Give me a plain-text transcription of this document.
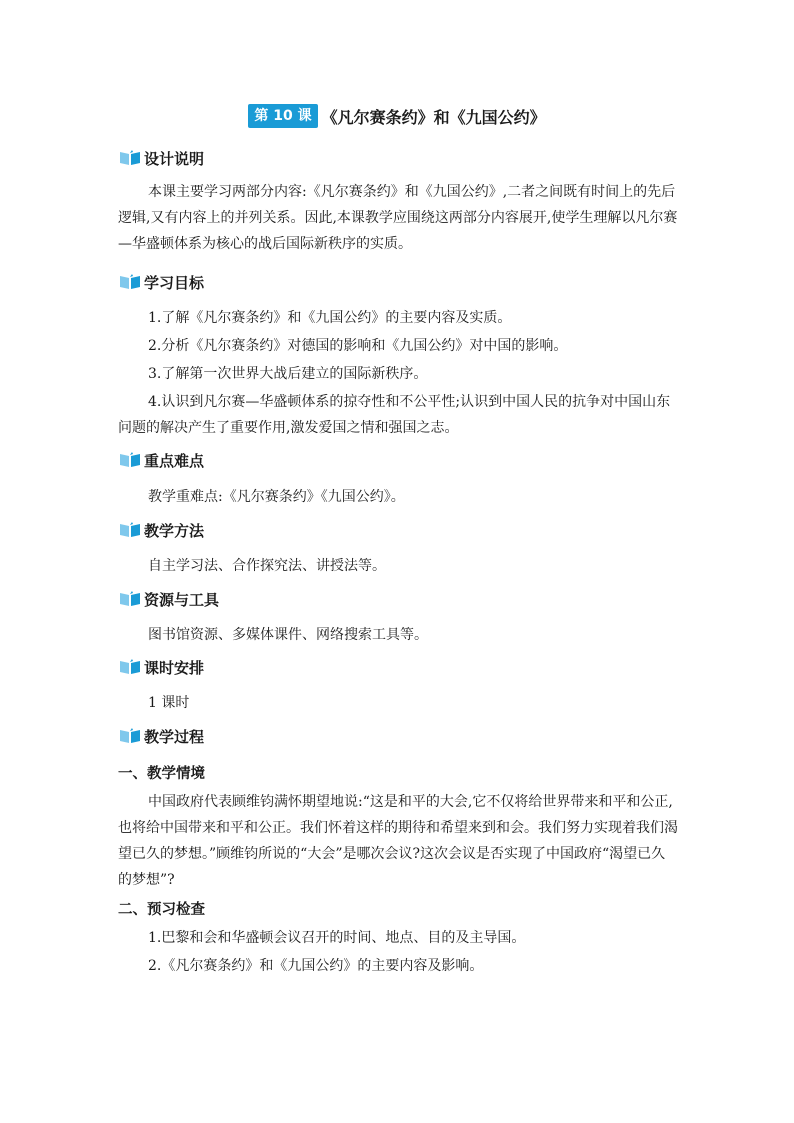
第 10 课 《凡尔赛条约》和《九国公约》
设计说明
本课主要学习两部分内容:《凡尔赛条约》和《九国公约》,二者之间既有时间上的先后逻辑,又有内容上的并列关系。因此,本课教学应围绕这两部分内容展开,使学生理解以凡尔赛—华盛顿体系为核心的战后国际新秩序的实质。
学习目标
1.了解《凡尔赛条约》和《九国公约》的主要内容及实质。
2.分析《凡尔赛条约》对德国的影响和《九国公约》对中国的影响。
3.了解第一次世界大战后建立的国际新秩序。
4.认识到凡尔赛—华盛顿体系的掠夺性和不公平性;认识到中国人民的抗争对中国山东问题的解决产生了重要作用,激发爱国之情和强国之志。
重点难点
教学重难点:《凡尔赛条约》《九国公约》。
教学方法
自主学习法、合作探究法、讲授法等。
资源与工具
图书馆资源、多媒体课件、网络搜索工具等。
课时安排
1 课时
教学过程
一、教学情境
中国政府代表顾维钧满怀期望地说:“这是和平的大会,它不仅将给世界带来和平和公正,也将给中国带来和平和公正。我们怀着这样的期待和希望来到和会。我们努力实现着我们渴望已久的梦想。”顾维钧所说的“大会”是哪次会议?这次会议是否实现了中国政府“渴望已久的梦想”?
二、预习检查
1.巴黎和会和华盛顿会议召开的时间、地点、目的及主导国。
2.《凡尔赛条约》和《九国公约》的主要内容及影响。
